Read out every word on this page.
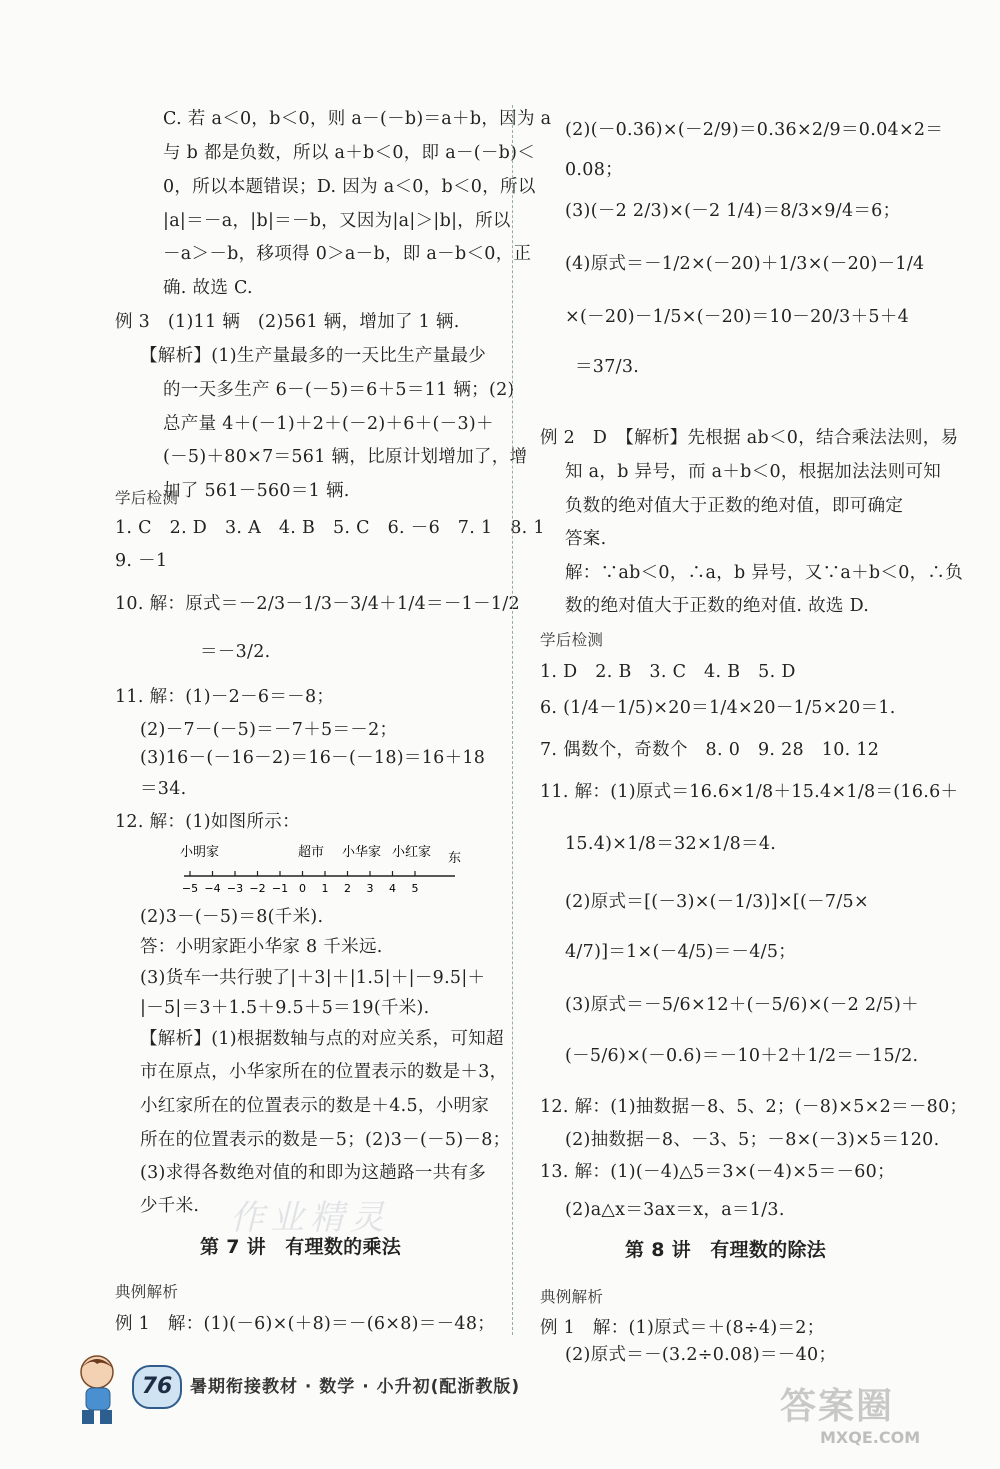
C. 若 a＜0，b＜0，则 a－(－b)＝a＋b，因为 a
与 b 都是负数，所以 a＋b＜0，即 a－(－b)＜
0，所以本题错误；D. 因为 a＜0，b＜0，所以
|a|＝－a，|b|＝－b，又因为|a|＞|b|，所以
－a＞－b，移项得 0＞a－b，即 a－b＜0，正
确. 故选 C.
例 3　(1)11 辆　(2)561 辆，增加了 1 辆.
【解析】(1)生产量最多的一天比生产量最少
的一天多生产 6－(－5)＝6＋5＝11 辆；(2)
总产量 4＋(－1)＋2＋(－2)＋6＋(－3)＋
(－5)＋80×7＝561 辆，比原计划增加了，增
加了 561－560＝1 辆.
学后检测
1. C　2. D　3. A　4. B　5. C　6. －6　7. 1　8. 1
9. －1
10. 解：原式＝－2/3－1/3－3/4＋1/4＝－1－1/2
＝－3/2.
11. 解：(1)－2－6＝－8；
(2)－7－(－5)＝－7＋5＝－2；
(3)16－(－16－2)＝16－(－18)＝16＋18
＝34.
12. 解：(1)如图所示：
−5 −4 −3 −2 −1 0 1 2 3 4 5
小明家	超市 小华家 小红家 东
(2)3－(－5)＝8(千米).
答：小明家距小华家 8 千米远.
(3)货车一共行驶了|＋3|＋|1.5|＋|－9.5|＋
|－5|＝3＋1.5＋9.5＋5＝19(千米).
【解析】(1)根据数轴与点的对应关系，可知超
市在原点，小华家所在的位置表示的数是＋3，
小红家所在的位置表示的数是＋4.5，小明家
所在的位置表示的数是－5；(2)3－(－5)－8；
(3)求得各数绝对值的和即为这趟路一共有多
少千米.
第 7 讲　有理数的乘法
典例解析
例 1　解：(1)(－6)×(＋8)＝－(6×8)＝－48；
(2)(－0.36)×(－2/9)＝0.36×2/9＝0.04×2＝
0.08；
(3)(－2 2/3)×(－2 1/4)＝8/3×9/4＝6；
(4)原式＝－1/2×(－20)＋1/3×(－20)－1/4
×(－20)－1/5×(－20)＝10－20/3＋5＋4
＝37/3.
例 2　D　【解析】先根据 ab＜0，结合乘法法则，易
知 a，b 异号，而 a＋b＜0，根据加法法则可知
负数的绝对值大于正数的绝对值，即可确定
答案.
解：∵ab＜0，∴a，b 异号，又∵a＋b＜0，∴负
数的绝对值大于正数的绝对值. 故选 D.
学后检测
1. D　2. B　3. C　4. B　5. D
6. (1/4－1/5)×20＝1/4×20－1/5×20＝1.
7. 偶数个，奇数个　8. 0　9. 28　10. 12
11. 解：(1)原式＝16.6×1/8＋15.4×1/8＝(16.6＋
15.4)×1/8＝32×1/8＝4.
(2)原式＝[(－3)×(－1/3)]×[(－7/5×
4/7)]＝1×(－4/5)＝－4/5；
(3)原式＝－5/6×12＋(－5/6)×(－2 2/5)＋
(－5/6)×(－0.6)＝－10＋2＋1/2＝－15/2.
12. 解：(1)抽数据－8、5、2；(－8)×5×2＝－80；
(2)抽数据－8、－3、5；－8×(－3)×5＝120.
13. 解：(1)(－4)△5＝3×(－4)×5＝－60；
(2)a△x＝3ax＝x，a＝1/3.
第 8 讲　有理数的除法
典例解析
例 1　解：(1)原式＝＋(8÷4)＝2；
(2)原式＝－(3.2÷0.08)＝－40；
作业精灵
76	暑期衔接教材 · 数学 · 小升初(配浙教版)	答案圈
MXQE.COM
